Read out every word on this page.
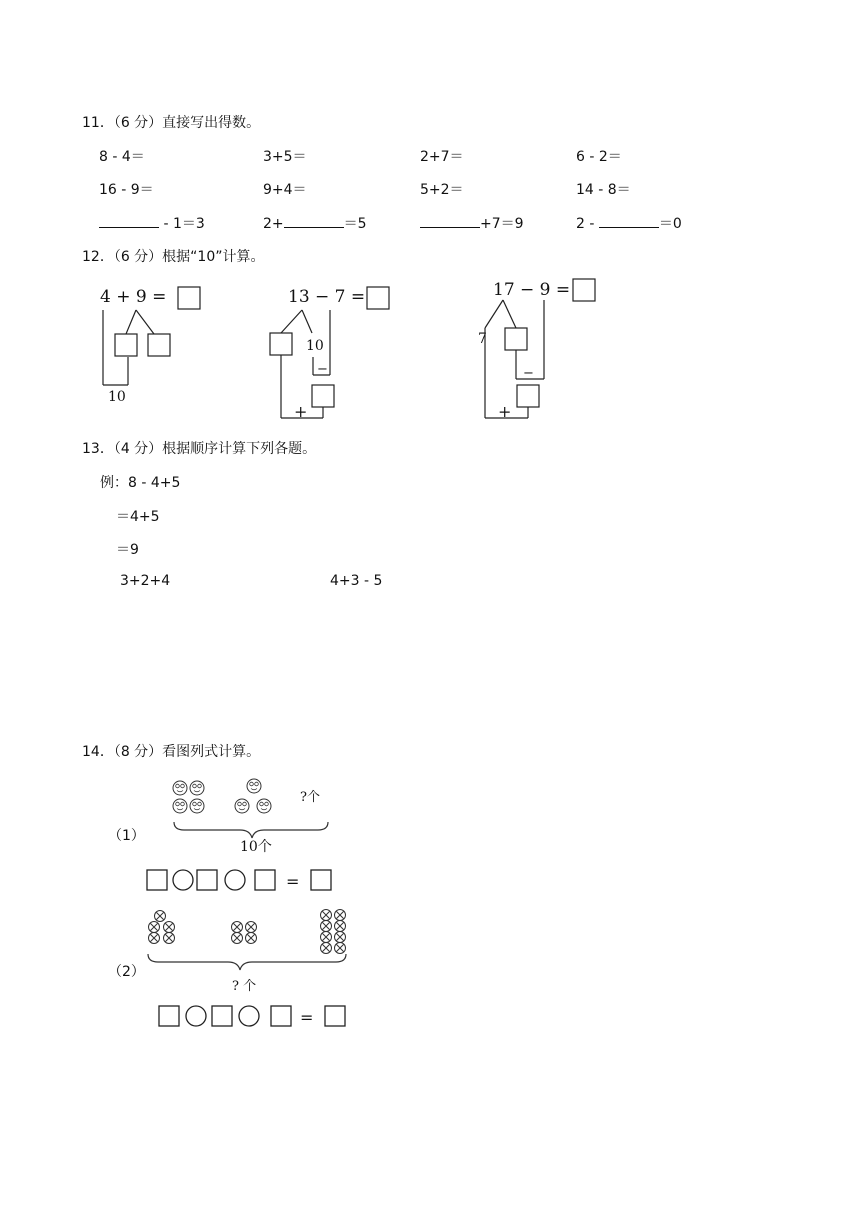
11．（6 分）直接写出得数。
8 - 4＝	3+5＝	2+7＝	6 - 2＝
16 - 9＝	9+4＝	5+2＝	14 - 8＝
- 1＝3	2+	＝5	+7＝9	2 -	＝0
12．（6 分）根据“10”计算。
4 + 9 =
10
13 − 7 =
10
−
+
17 − 9 =
7
−
+
13．（4 分）根据顺序计算下列各题。
例：8 - 4+5
＝4+5
＝9
3+2+4	4+3 - 5
14．（8 分）看图列式计算。
（1）
（2）
?个
10个
=
? 个
=
